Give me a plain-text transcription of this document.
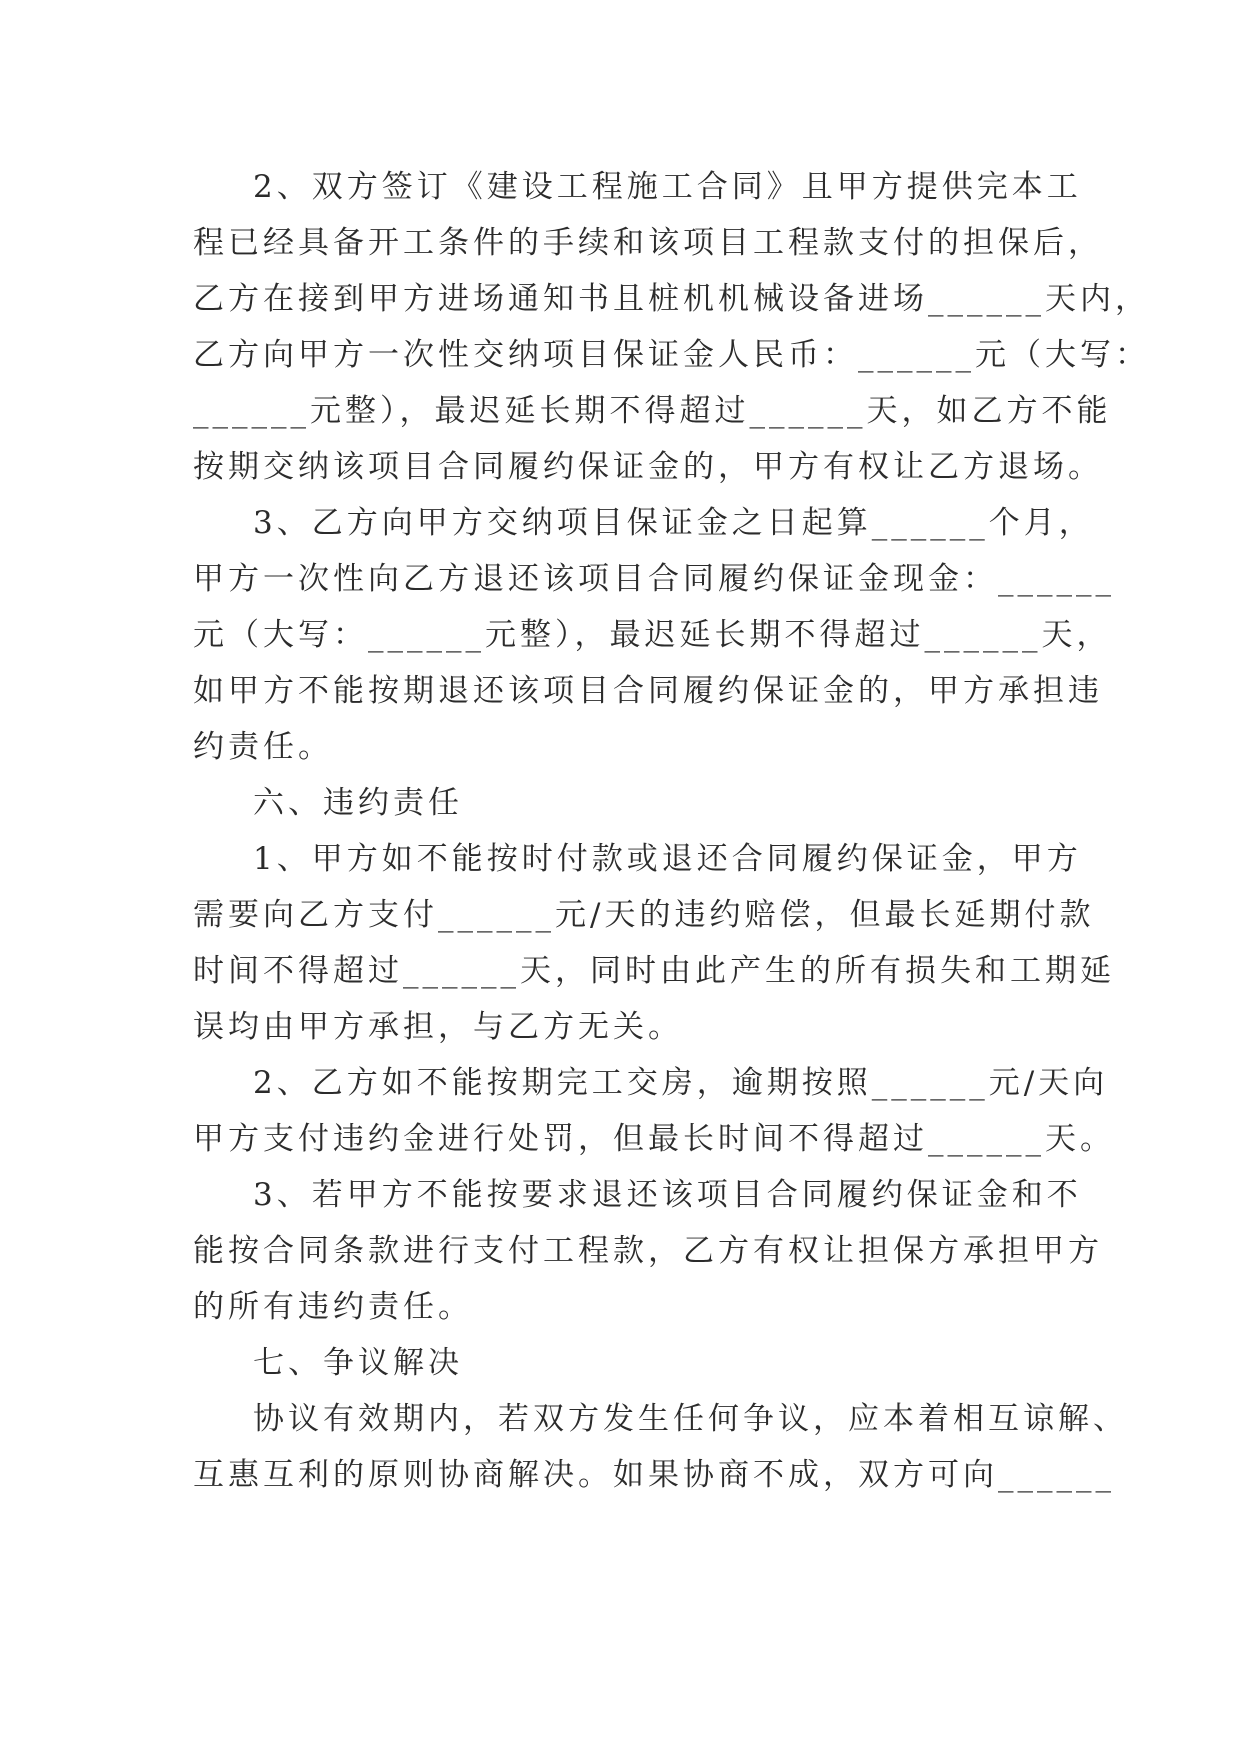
2、双方签订《建设工程施工合同》且甲方提供完本工
程已经具备开工条件的手续和该项目工程款支付的担保后，
乙方在接到甲方进场通知书且桩机机械设备进场______天内，
乙方向甲方一次性交纳项目保证金人民币：______元（大写：
______元整），最迟延长期不得超过______天，如乙方不能
按期交纳该项目合同履约保证金的，甲方有权让乙方退场。
3、乙方向甲方交纳项目保证金之日起算______个月，
甲方一次性向乙方退还该项目合同履约保证金现金：______
元（大写：______元整），最迟延长期不得超过______天，
如甲方不能按期退还该项目合同履约保证金的，甲方承担违
约责任。
六、违约责任
1、甲方如不能按时付款或退还合同履约保证金，甲方
需要向乙方支付______元/天的违约赔偿，但最长延期付款
时间不得超过______天，同时由此产生的所有损失和工期延
误均由甲方承担，与乙方无关。
2、乙方如不能按期完工交房，逾期按照______元/天向
甲方支付违约金进行处罚，但最长时间不得超过______天。
3、若甲方不能按要求退还该项目合同履约保证金和不
能按合同条款进行支付工程款，乙方有权让担保方承担甲方
的所有违约责任。
七、争议解决
协议有效期内，若双方发生任何争议，应本着相互谅解、
互惠互利的原则协商解决。如果协商不成，双方可向______
